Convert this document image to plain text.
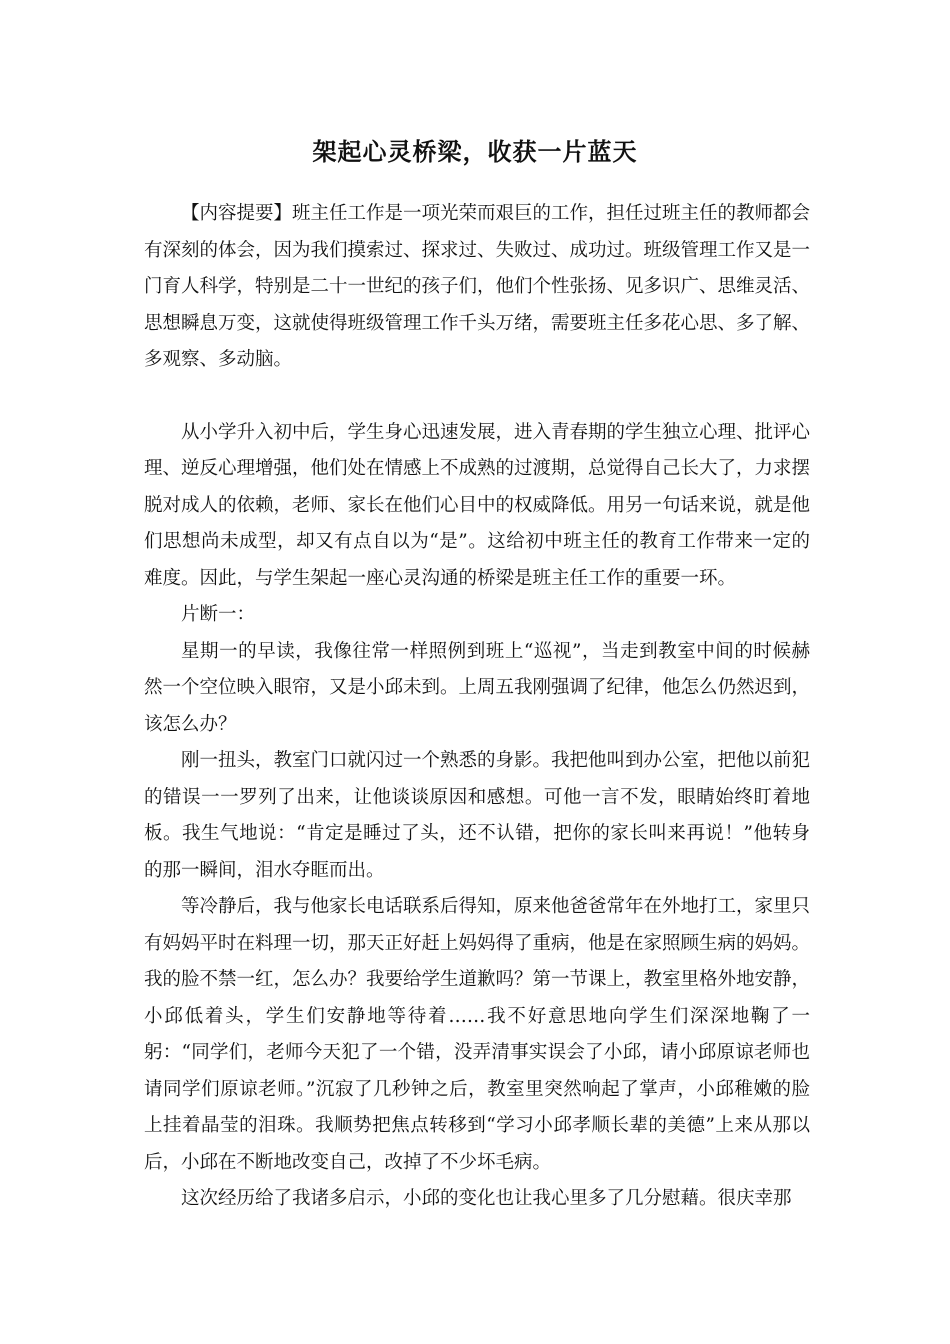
架起心灵桥梁，收获一片蓝天

【内容提要】班主任工作是一项光荣而艰巨的工作，担任过班主任的教师都会有深刻的体会，因为我们摸索过、探求过、失败过、成功过。班级管理工作又是一门育人科学，特别是二十一世纪的孩子们，他们个性张扬、见多识广、思维灵活、思想瞬息万变，这就使得班级管理工作千头万绪，需要班主任多花心思、多了解、多观察、多动脑。

从小学升入初中后，学生身心迅速发展，进入青春期的学生独立心理、批评心理、逆反心理增强，他们处在情感上不成熟的过渡期，总觉得自己长大了，力求摆脱对成人的依赖，老师、家长在他们心目中的权威降低。用另一句话来说，就是他们思想尚未成型，却又有点自以为“是”。这给初中班主任的教育工作带来一定的难度。因此，与学生架起一座心灵沟通的桥梁是班主任工作的重要一环。

片断一：

星期一的早读，我像往常一样照例到班上“巡视”，当走到教室中间的时候赫然一个空位映入眼帘，又是小邱未到。上周五我刚强调了纪律，他怎么仍然迟到，该怎么办？

刚一扭头，教室门口就闪过一个熟悉的身影。我把他叫到办公室，把他以前犯的错误一一罗列了出来，让他谈谈原因和感想。可他一言不发，眼睛始终盯着地板。我生气地说：“肯定是睡过了头，还不认错，把你的家长叫来再说！”他转身的那一瞬间，泪水夺眶而出。

等冷静后，我与他家长电话联系后得知，原来他爸爸常年在外地打工，家里只有妈妈平时在料理一切，那天正好赶上妈妈得了重病，他是在家照顾生病的妈妈。我的脸不禁一红，怎么办？我要给学生道歉吗？第一节课上，教室里格外地安静，小邱低着头，学生们安静地等待着……我不好意思地向学生们深深地鞠了一躬：“同学们，老师今天犯了一个错，没弄清事实误会了小邱，请小邱原谅老师也请同学们原谅老师。”沉寂了几秒钟之后，教室里突然响起了掌声，小邱稚嫩的脸上挂着晶莹的泪珠。我顺势把焦点转移到“学习小邱孝顺长辈的美德”上来从那以后，小邱在不断地改变自己，改掉了不少坏毛病。

这次经历给了我诸多启示，小邱的变化也让我心里多了几分慰藉。很庆幸那
